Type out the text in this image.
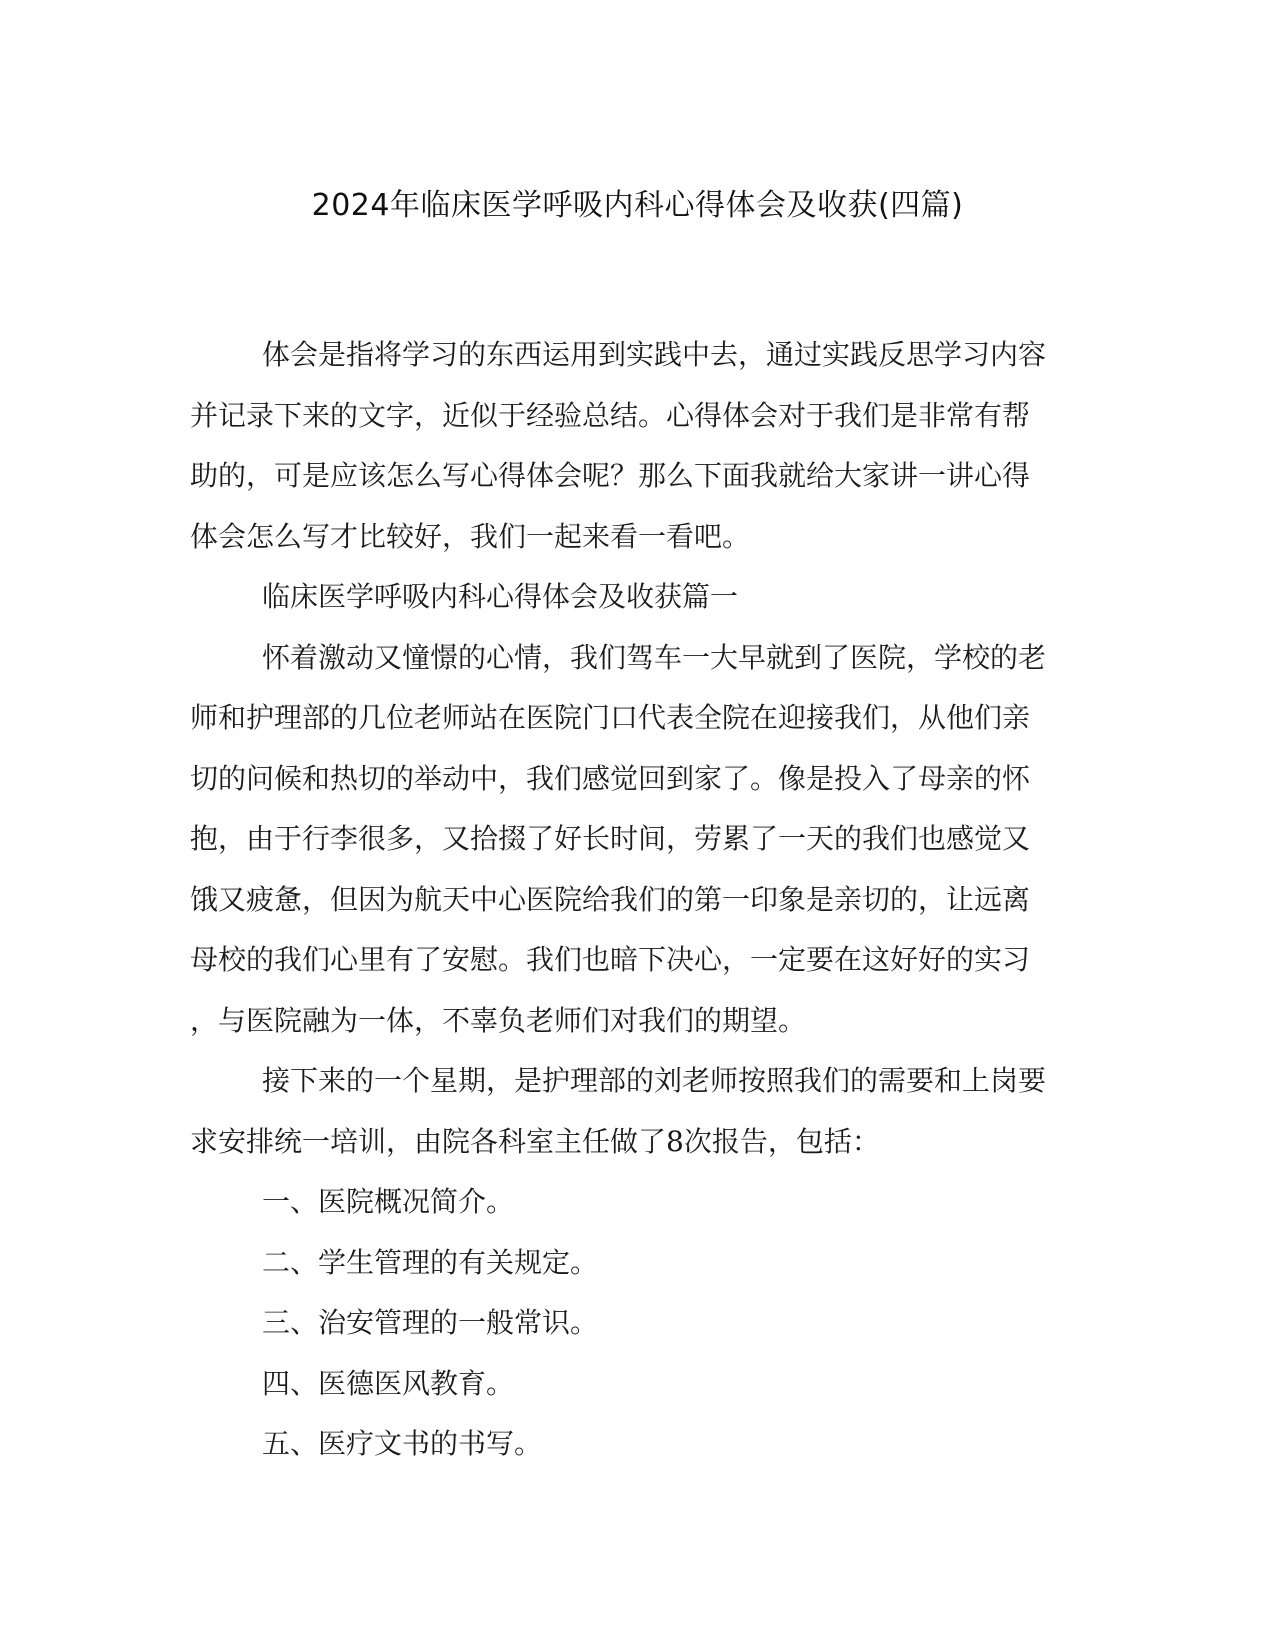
2024年临床医学呼吸内科心得体会及收获(四篇)
体会是指将学习的东西运用到实践中去，通过实践反思学习内容
并记录下来的文字，近似于经验总结。心得体会对于我们是非常有帮
助的，可是应该怎么写心得体会呢？那么下面我就给大家讲一讲心得
体会怎么写才比较好，我们一起来看一看吧。
临床医学呼吸内科心得体会及收获篇一
怀着激动又憧憬的心情，我们驾车一大早就到了医院，学校的老
师和护理部的几位老师站在医院门口代表全院在迎接我们，从他们亲
切的问候和热切的举动中，我们感觉回到家了。像是投入了母亲的怀
抱，由于行李很多，又拾掇了好长时间，劳累了一天的我们也感觉又
饿又疲惫，但因为航天中心医院给我们的第一印象是亲切的，让远离
母校的我们心里有了安慰。我们也暗下决心，一定要在这好好的实习
，与医院融为一体，不辜负老师们对我们的期望。
接下来的一个星期，是护理部的刘老师按照我们的需要和上岗要
求安排统一培训，由院各科室主任做了8次报告，包括：
一、医院概况简介。
二、学生管理的有关规定。
三、治安管理的一般常识。
四、医德医风教育。
五、医疗文书的书写。
